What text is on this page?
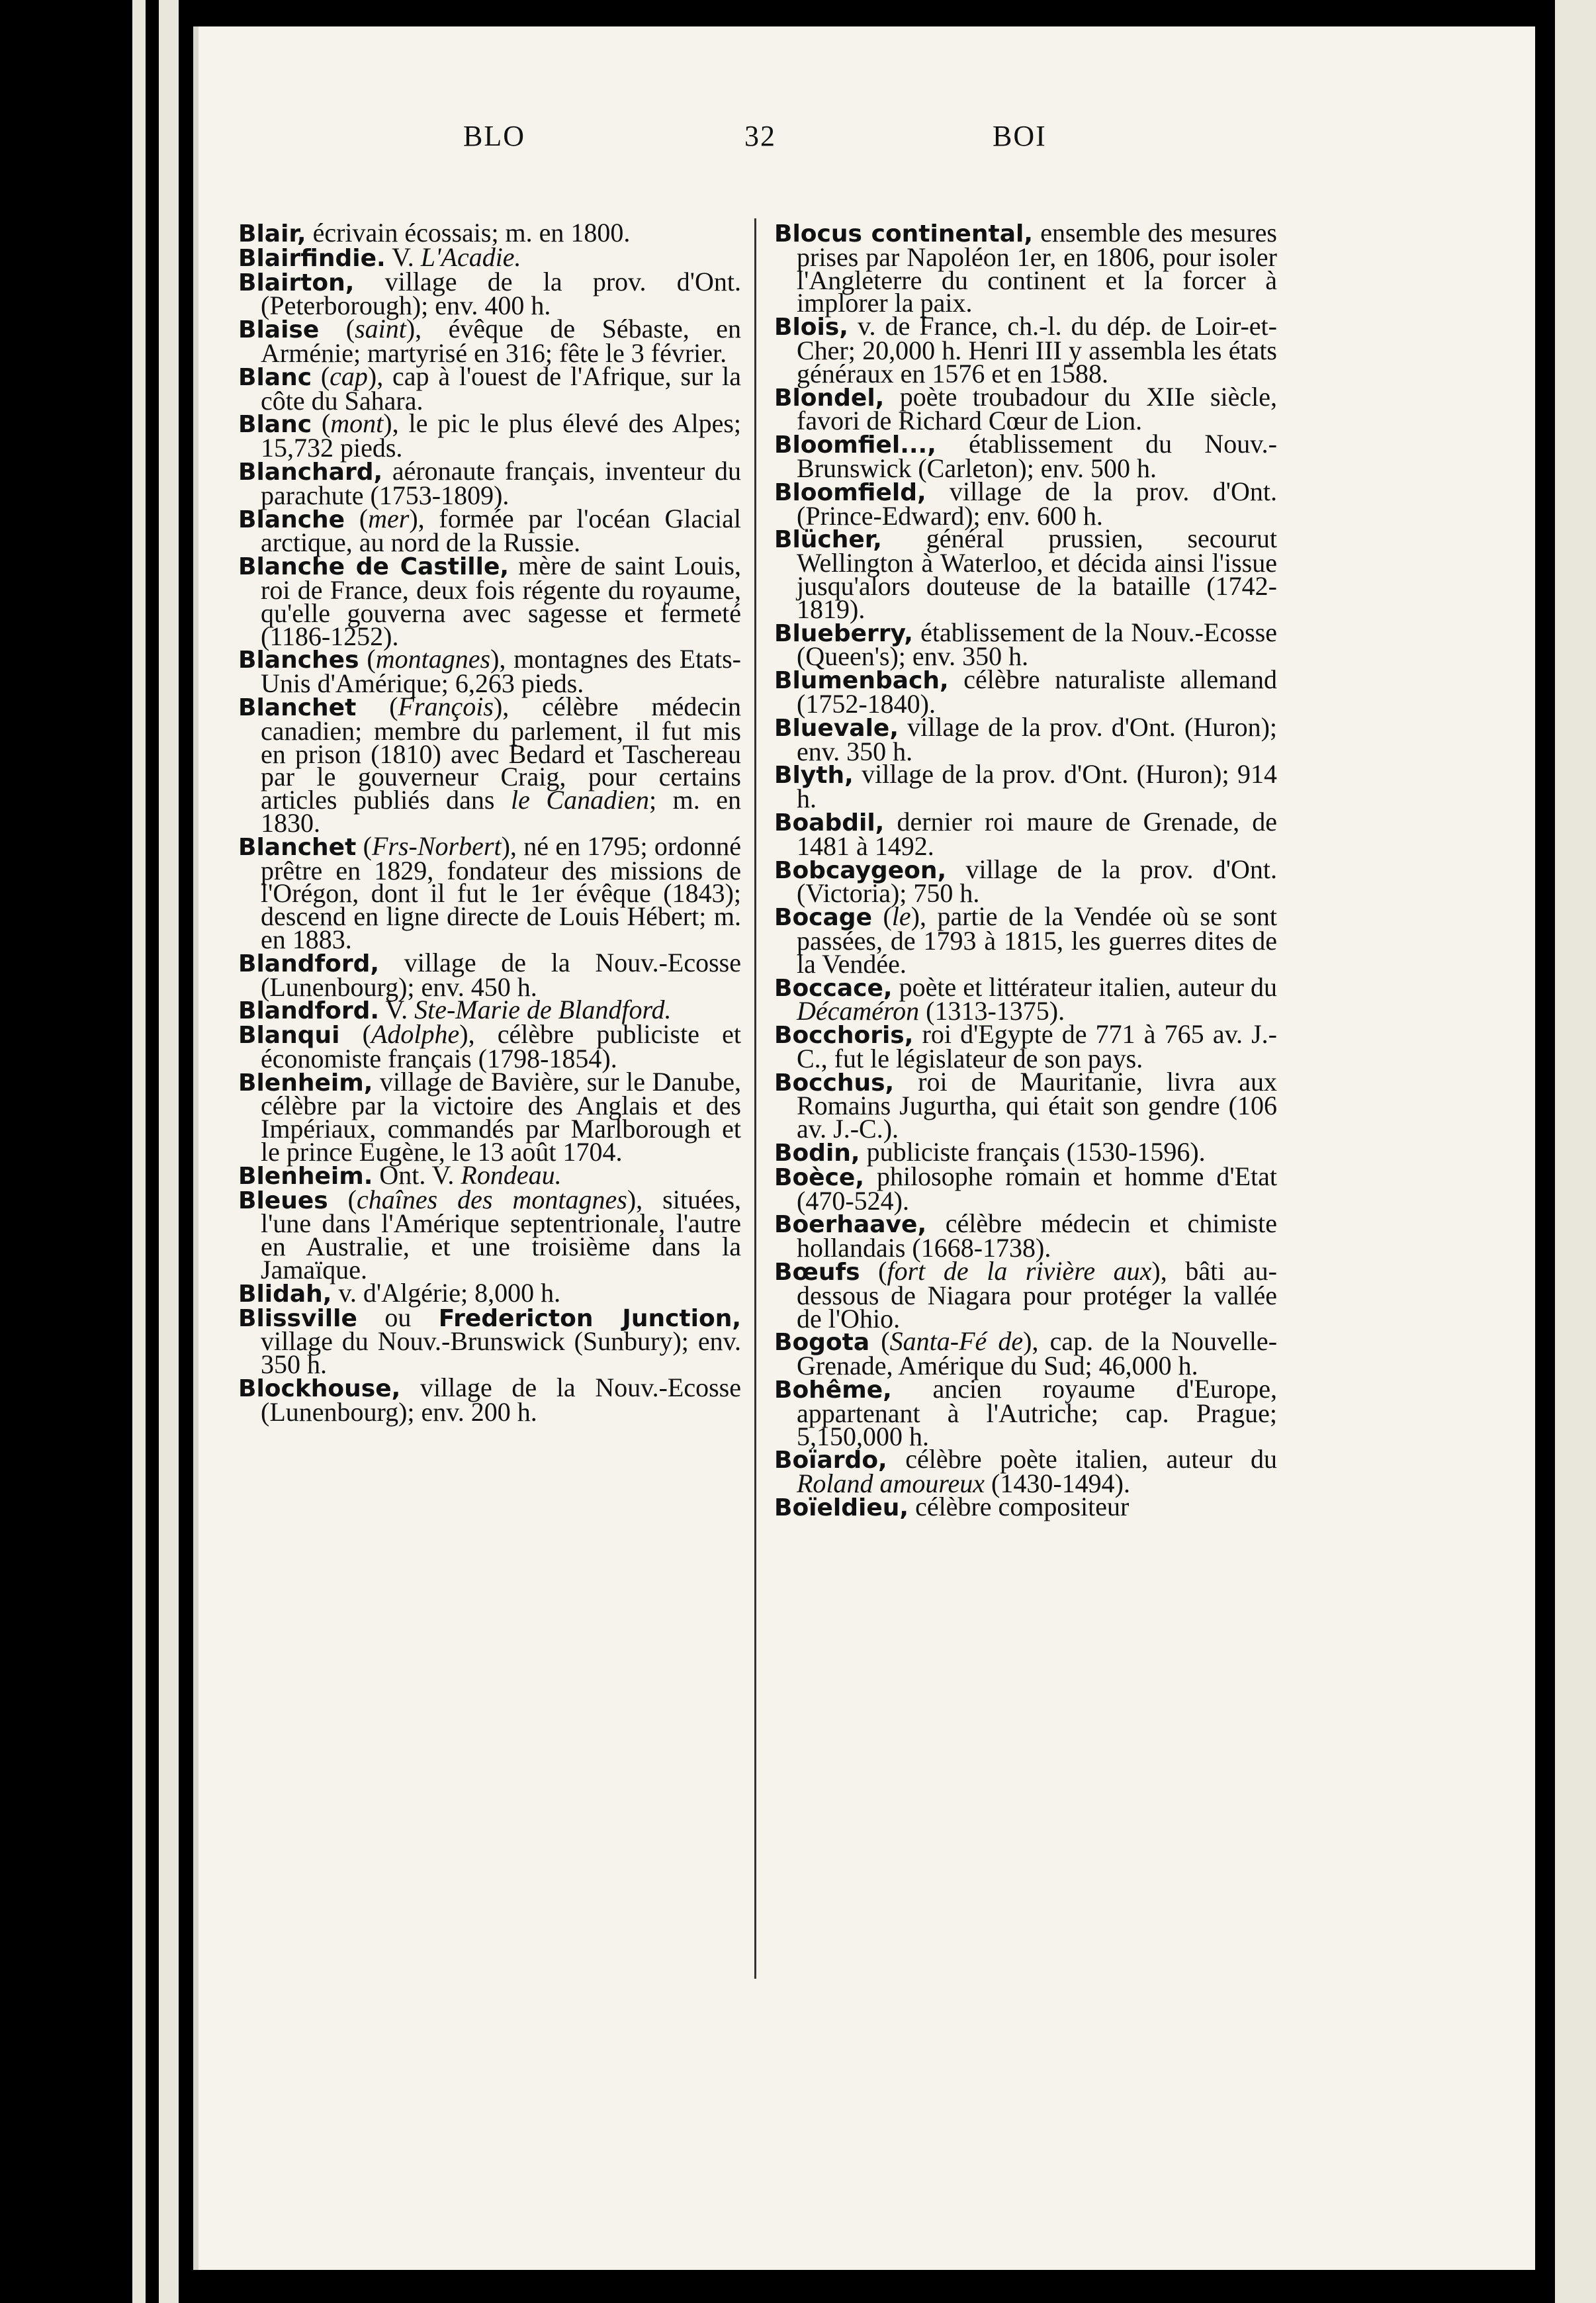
BLO	32	BOI

Blair, écrivain écossais; m. en 1800.

Blairfindie. V. L'Acadie.

Blairton, village de la prov. d'Ont. (Peterborough); env. 400 h.

Blaise (saint), évêque de Sébaste, en Arménie; martyrisé en 316; fête le 3 février.

Blanc (cap), cap à l'ouest de l'Afrique, sur la côte du Sahara.

Blanc (mont), le pic le plus élevé des Alpes; 15,732 pieds.

Blanchard, aéronaute français, inventeur du parachute (1753-1809).

Blanche (mer), formée par l'océan Glacial arctique, au nord de la Russie.

Blanche de Castille, mère de saint Louis, roi de France, deux fois régente du royaume, qu'elle gouverna avec sagesse et fermeté (1186-1252).

Blanches (montagnes), montagnes des Etats-Unis d'Amérique; 6,263 pieds.

Blanchet (François), célèbre médecin canadien; membre du parlement, il fut mis en prison (1810) avec Bedard et Taschereau par le gouverneur Craig, pour certains articles publiés dans le Canadien; m. en 1830.

Blanchet (Frs-Norbert), né en 1795; ordonné prêtre en 1829, fondateur des missions de l'Orégon, dont il fut le 1er évêque (1843); descend en ligne directe de Louis Hébert; m. en 1883.

Blandford, village de la Nouv.-Ecosse (Lunenbourg); env. 450 h.

Blandford. V. Ste-Marie de Blandford.

Blanqui (Adolphe), célèbre publiciste et économiste français (1798-1854).

Blenheim, village de Bavière, sur le Danube, célèbre par la victoire des Anglais et des Impériaux, commandés par Marlborough et le prince Eugène, le 13 août 1704.

Blenheim. Ont. V. Rondeau.

Bleues (chaînes des montagnes), situées, l'une dans l'Amérique septentrionale, l'autre en Australie, et une troisième dans la Jamaïque.

Blidah, v. d'Algérie; 8,000 h.

Blissville ou Fredericton Junction, village du Nouv.-Brunswick (Sunbury); env. 350 h.

Blockhouse, village de la Nouv.-Ecosse (Lunenbourg); env. 200 h.

Blocus continental, ensemble des mesures prises par Napoléon 1er, en 1806, pour isoler l'Angleterre du continent et la forcer à implorer la paix.

Blois, v. de France, ch.-l. du dép. de Loir-et-Cher; 20,000 h. Henri III y assembla les états généraux en 1576 et en 1588.

Blondel, poète troubadour du XIIe siècle, favori de Richard Cœur de Lion.

Bloomfiel..., établissement du Nouv.-Brunswick (Carleton); env. 500 h.

Bloomfield, village de la prov. d'Ont. (Prince-Edward); env. 600 h.

Blücher, général prussien, secourut Wellington à Waterloo, et décida ainsi l'issue jusqu'alors douteuse de la bataille (1742-1819).

Blueberry, établissement de la Nouv.-Ecosse (Queen's); env. 350 h.

Blumenbach, célèbre naturaliste allemand (1752-1840).

Bluevale, village de la prov. d'Ont. (Huron); env. 350 h.

Blyth, village de la prov. d'Ont. (Huron); 914 h.

Boabdil, dernier roi maure de Grenade, de 1481 à 1492.

Bobcaygeon, village de la prov. d'Ont. (Victoria); 750 h.

Bocage (le), partie de la Vendée où se sont passées, de 1793 à 1815, les guerres dites de la Vendée.

Boccace, poète et littérateur italien, auteur du Décaméron (1313-1375).

Bocchoris, roi d'Egypte de 771 à 765 av. J.-C., fut le législateur de son pays.

Bocchus, roi de Mauritanie, livra aux Romains Jugurtha, qui était son gendre (106 av. J.-C.).

Bodin, publiciste français (1530-1596).

Boèce, philosophe romain et homme d'Etat (470-524).

Boerhaave, célèbre médecin et chimiste hollandais (1668-1738).

Bœufs (fort de la rivière aux), bâti au-dessous de Niagara pour protéger la vallée de l'Ohio.

Bogota (Santa-Fé de), cap. de la Nouvelle-Grenade, Amérique du Sud; 46,000 h.

Bohême, ancien royaume d'Europe, appartenant à l'Autriche; cap. Prague; 5,150,000 h.

Boïardo, célèbre poète italien, auteur du Roland amoureux (1430-1494).

Boïeldieu, célèbre compositeur
